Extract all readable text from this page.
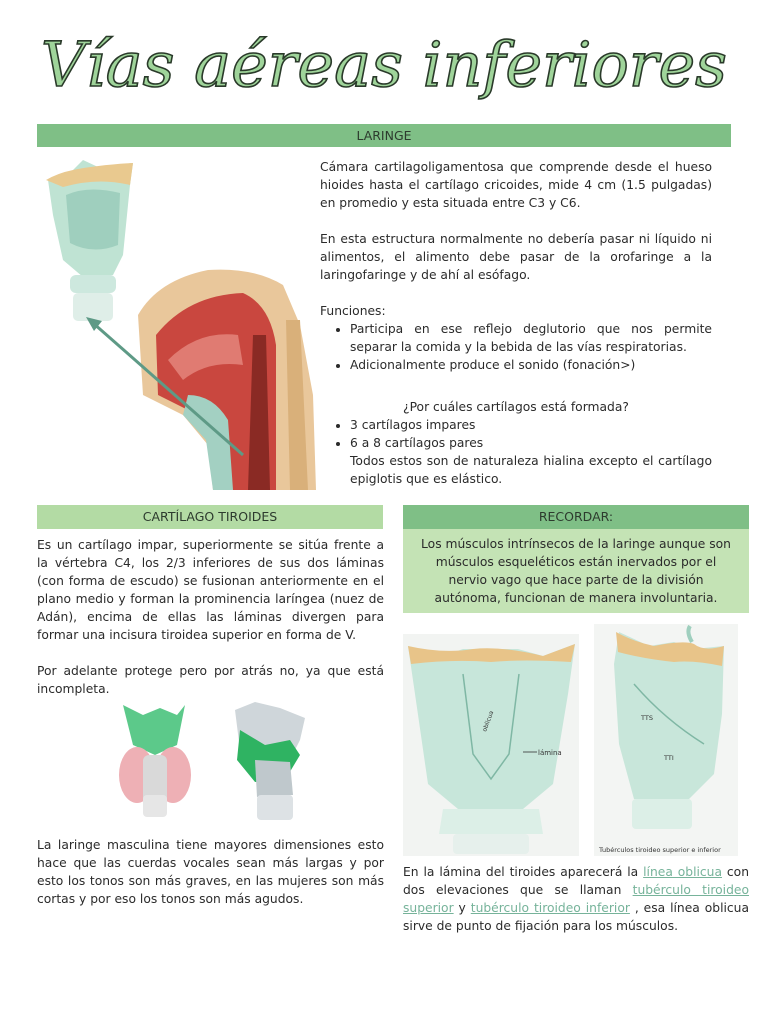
Vías aéreas inferiores
LARINGE

Cámara cartilagoligamentosa que comprende desde el hueso hioides hasta el cartílago cricoides, mide 4 cm (1.5 pulgadas) en promedio y esta situada entre C3 y C6.

En esta estructura normalmente no debería pasar ni líquido ni alimentos, el alimento debe pasar de la orofaringe a la laringofaringe y de ahí al esófago.

Funciones:

• Participa en ese reflejo deglutorio que nos permite separar la comida y la bebida de las vías respiratorias.
• Adicionalmente produce el sonido (fonación>)

¿Por cuáles cartílagos está formada?

• 3 cartílagos impares
• 6 a 8 cartílagos pares

Todos estos son de naturaleza hialina excepto el cartílago epiglotis que es elástico.

CARTÍLAGO TIROIDES

Es un cartílago impar, superiormente se sitúa frente a la vértebra C4, los 2/3 inferiores de sus dos láminas (con forma de escudo) se fusionan anteriormente en el plano medio y forman la prominencia laríngea (nuez de Adán), encima de ellas las láminas divergen para formar una incisura tiroidea superior en forma de V.

Por adelante protege pero por atrás no, ya que está incompleta.

La laringe masculina tiene mayores dimensiones esto hace que las cuerdas vocales sean más largas y por esto los tonos son más graves, en las mujeres son más cortas y por eso los tonos son más agudos.

RECORDAR:
Los músculos intrínsecos de la laringe aunque son músculos esqueléticos están inervados por el nervio vago que hace parte de la división autónoma, funcionan de manera involuntaria.
lámina
oblicua	TTS
TTI
Tubérculos tiroideo superior e inferior

En la lámina del tiroides aparecerá la línea oblicua con dos elevaciones que se llaman tubérculo tiroideo superior y tubérculo tiroideo inferior , esa línea oblicua sirve de punto de fijación para los músculos.
